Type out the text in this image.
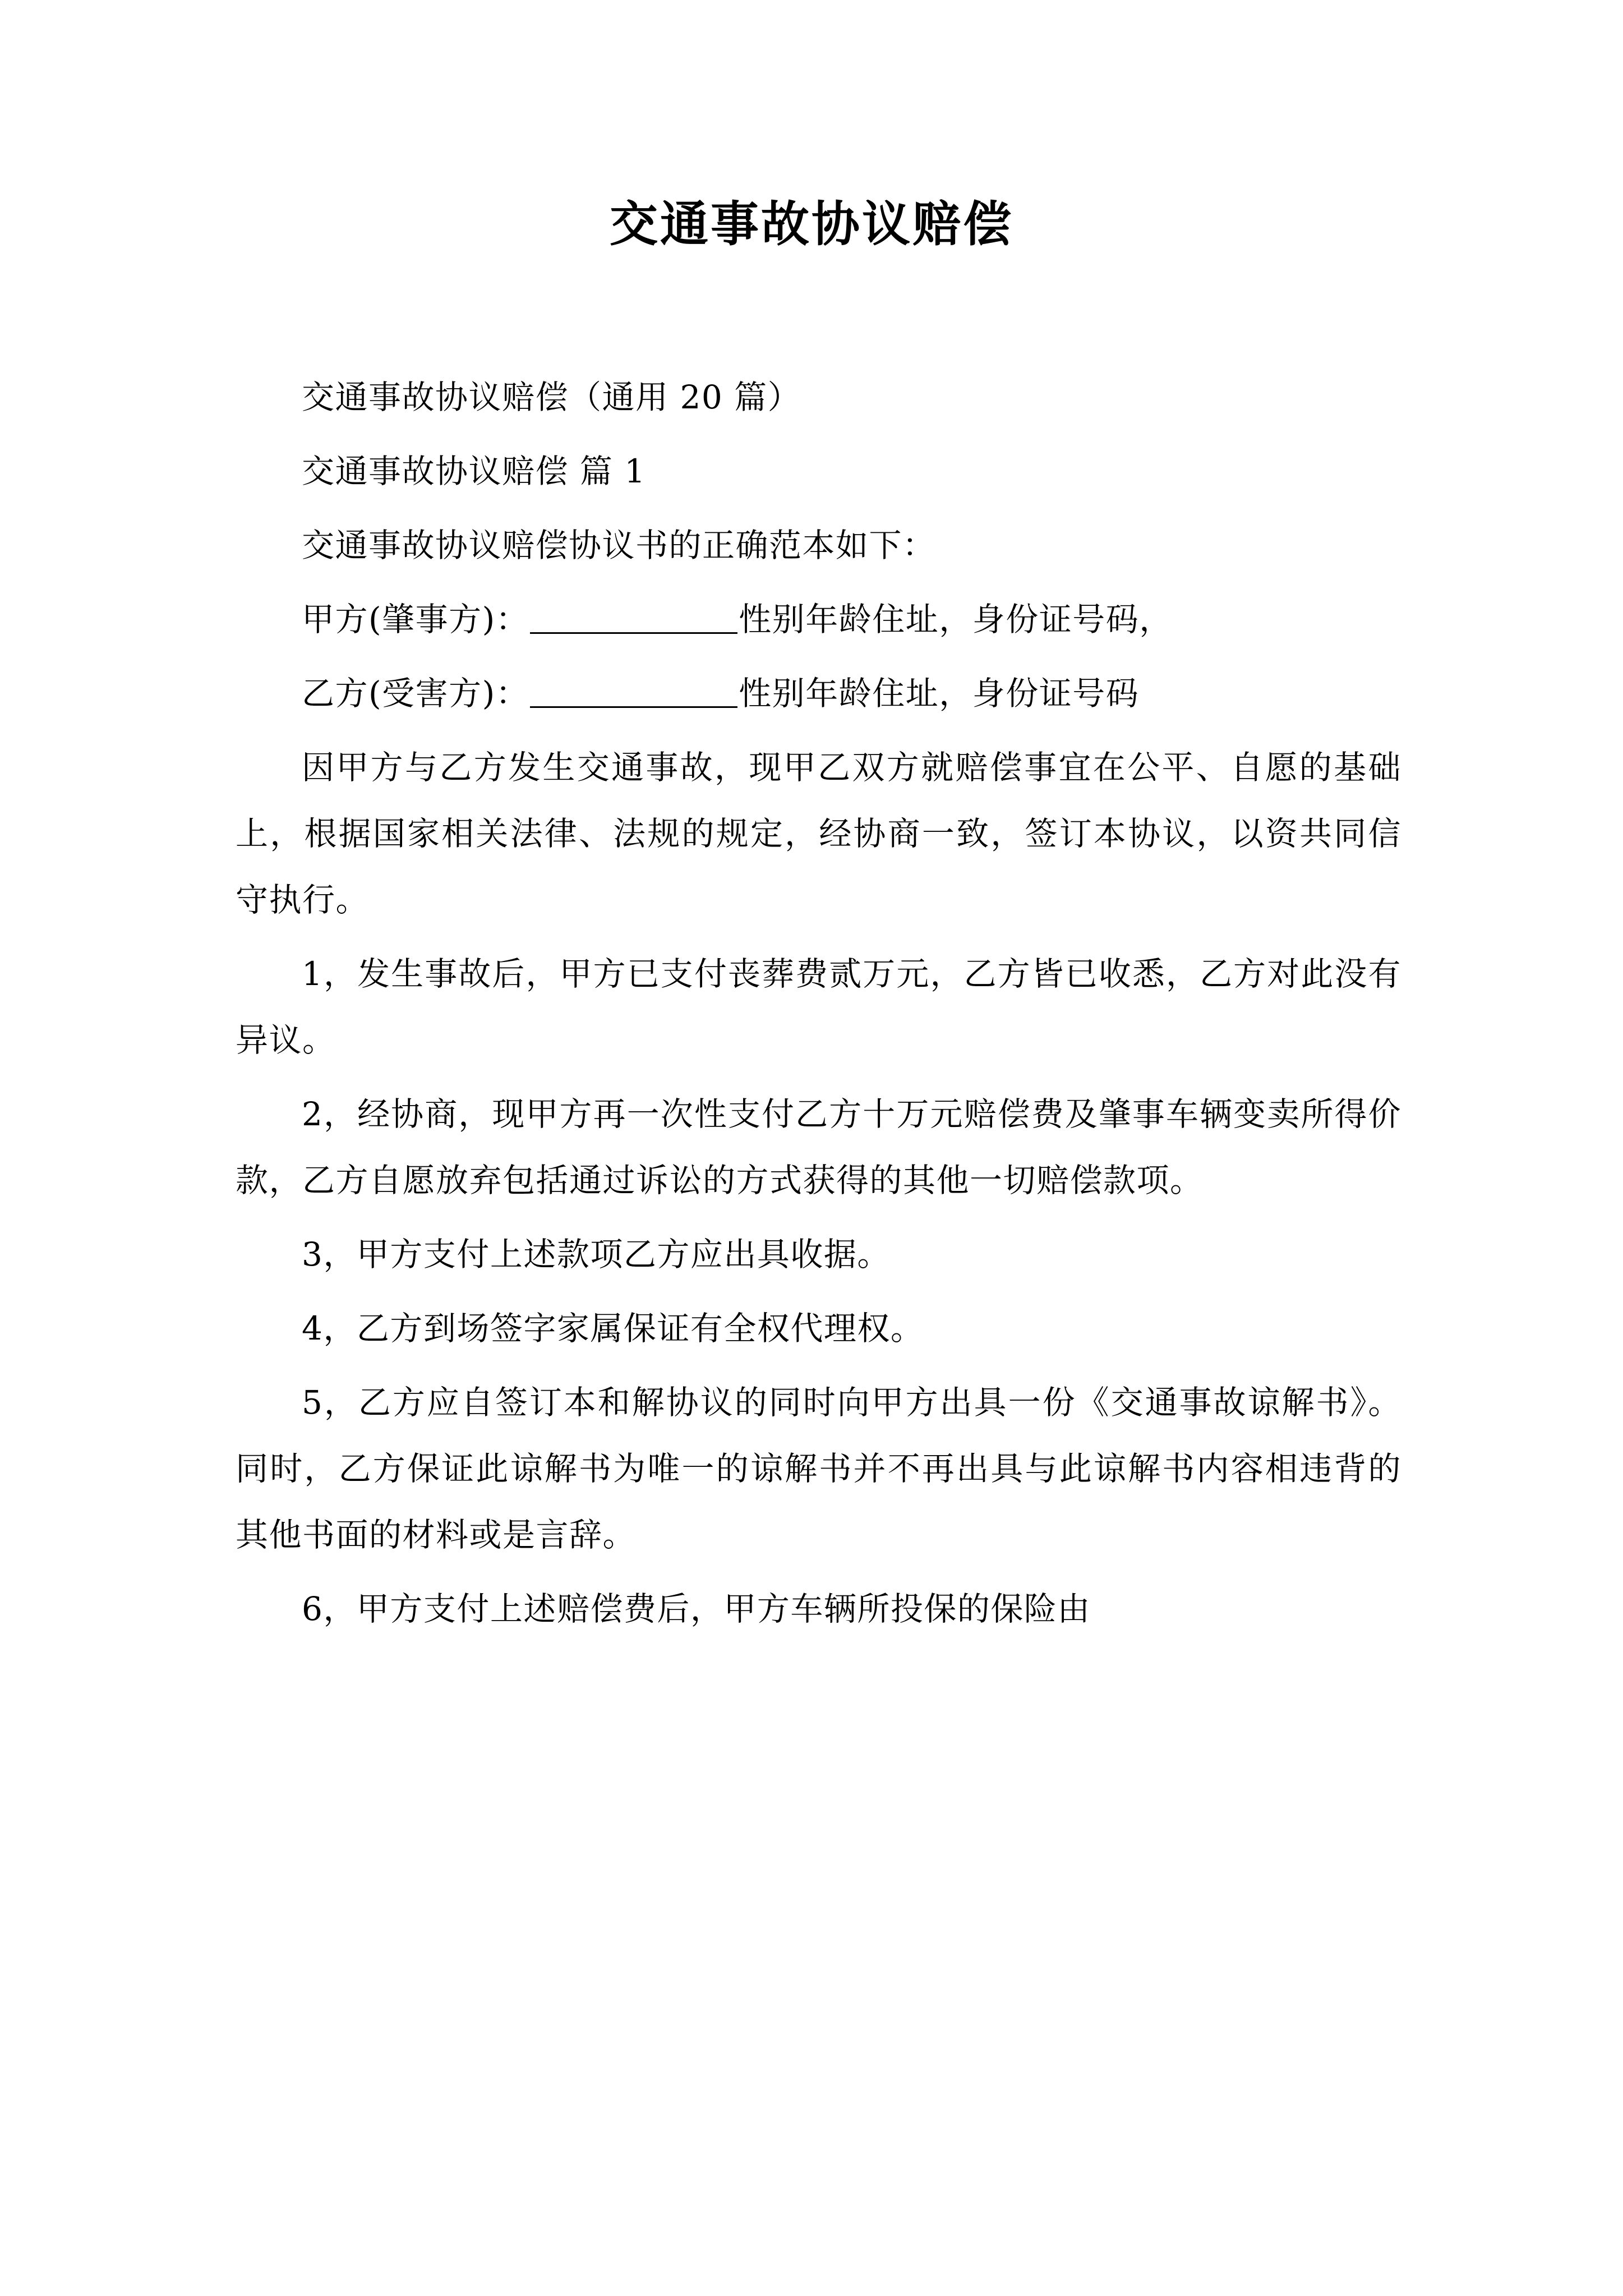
交通事故协议赔偿

交通事故协议赔偿（通用 20 篇）

交通事故协议赔偿 篇 1

交通事故协议赔偿协议书的正确范本如下：

甲方(肇事方)：	性别年龄住址，身份证号码，

乙方(受害方)：	性别年龄住址，身份证号码

因甲方与乙方发生交通事故，现甲乙双方就赔偿事宜在公平、自愿的基础上，根据国家相关法律、法规的规定，经协商一致，签订本协议，以资共同信守执行。

1，发生事故后，甲方已支付丧葬费贰万元，乙方皆已收悉，乙方对此没有异议。

2，经协商，现甲方再一次性支付乙方十万元赔偿费及肇事车辆变卖所得价款，乙方自愿放弃包括通过诉讼的方式获得的其他一切赔偿款项。

3，甲方支付上述款项乙方应出具收据。

4，乙方到场签字家属保证有全权代理权。

5，乙方应自签订本和解协议的同时向甲方出具一份《交通事故谅解书》。同时，乙方保证此谅解书为唯一的谅解书并不再出具与此谅解书内容相违背的其他书面的材料或是言辞。

6，甲方支付上述赔偿费后，甲方车辆所投保的保险由
